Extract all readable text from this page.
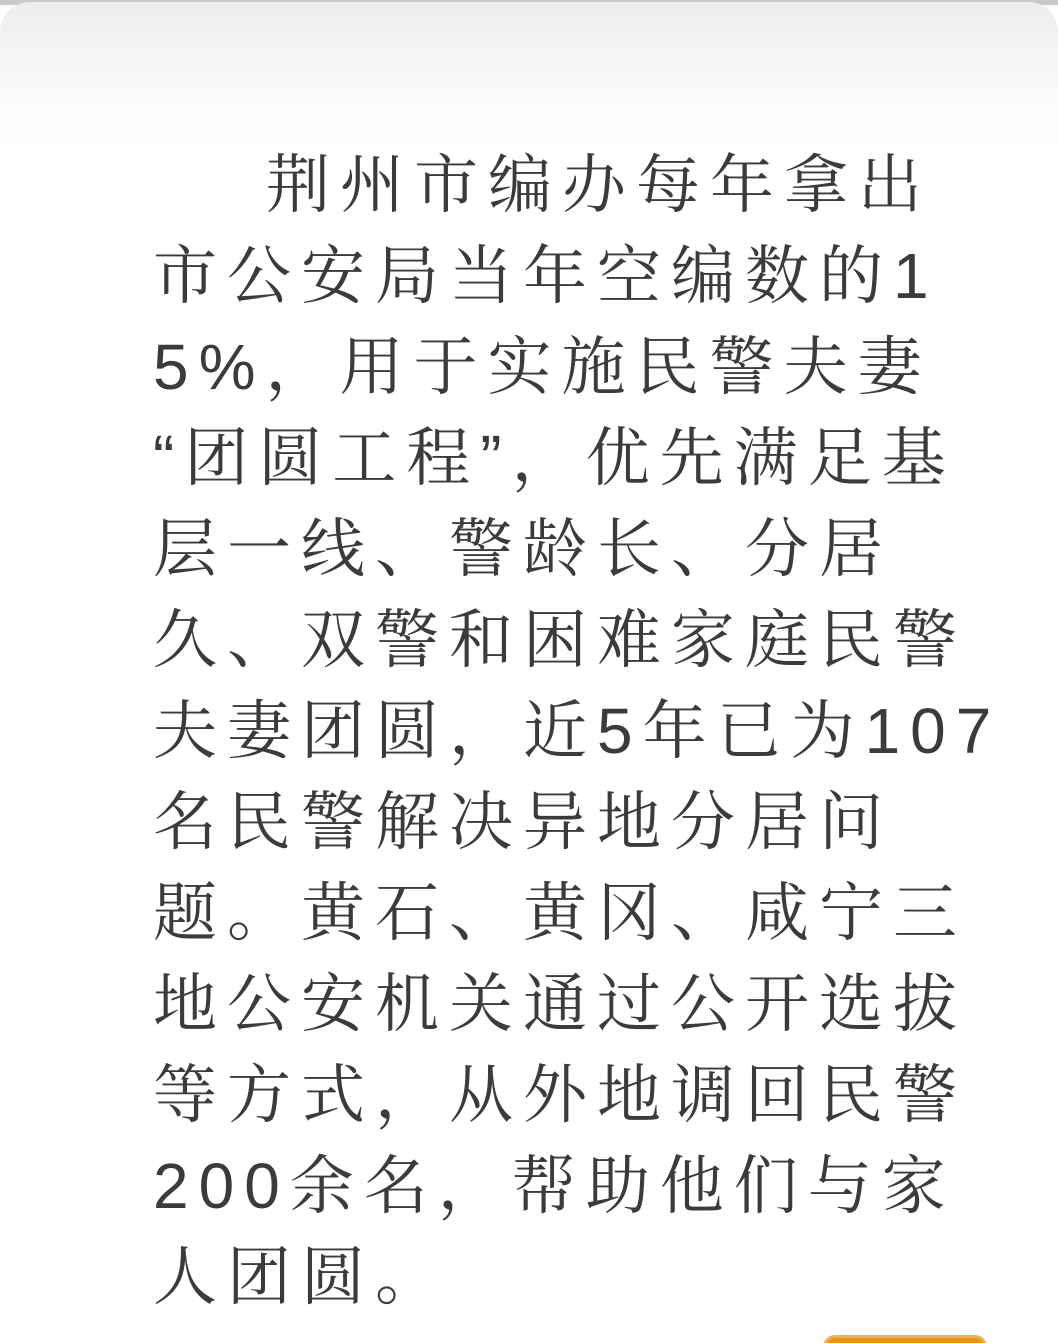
荆州市编办每年拿出
市公安局当年空编数的1
5%，用于实施民警夫妻
“团圆工程”，优先满足基
层一线、警龄长、分居
久、双警和困难家庭民警
夫妻团圆，近5年已为107
名民警解决异地分居问
题。黄石、黄冈、咸宁三
地公安机关通过公开选拔
等方式，从外地调回民警
200余名，帮助他们与家
人团圆。
